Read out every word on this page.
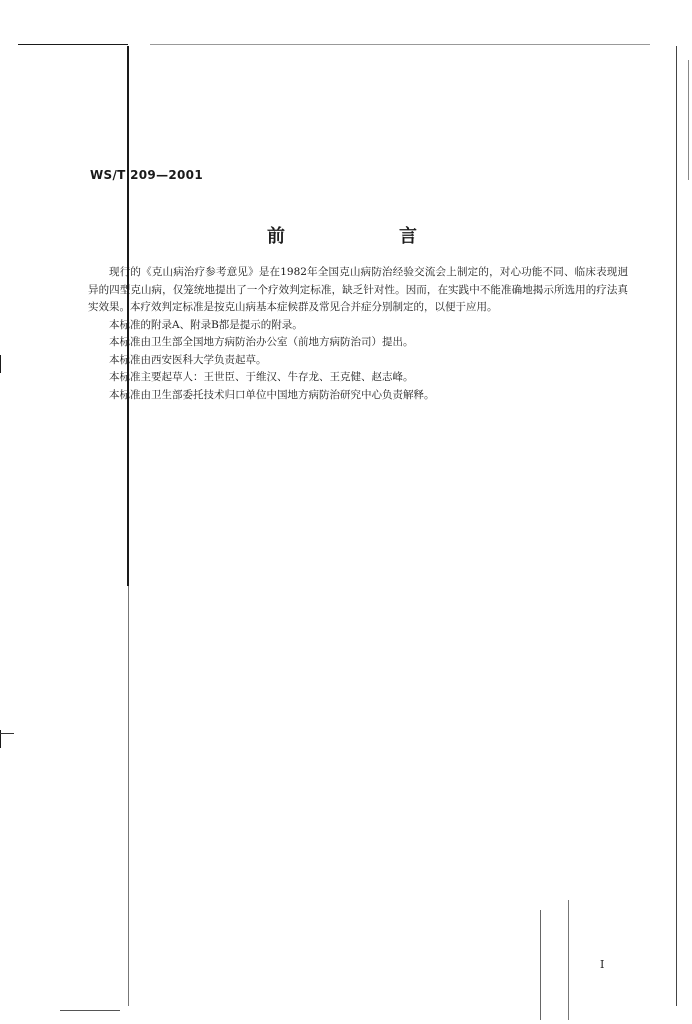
WS/T 209—2001
前　言

现行的《克山病治疗参考意见》是在1982年全国克山病防治经验交流会上制定的，对心功能不同、临床表现迥异的四型克山病，仅笼统地提出了一个疗效判定标准，缺乏针对性。因而，在实践中不能准确地揭示所选用的疗法真实效果。本疗效判定标准是按克山病基本症候群及常见合并症分别制定的，以便于应用。

本标准的附录A、附录B都是提示的附录。

本标准由卫生部全国地方病防治办公室（前地方病防治司）提出。

本标准由西安医科大学负责起草。

本标准主要起草人：王世臣、于维汉、牛存龙、王克健、赵志峰。

本标准由卫生部委托技术归口单位中国地方病防治研究中心负责解释。

I
